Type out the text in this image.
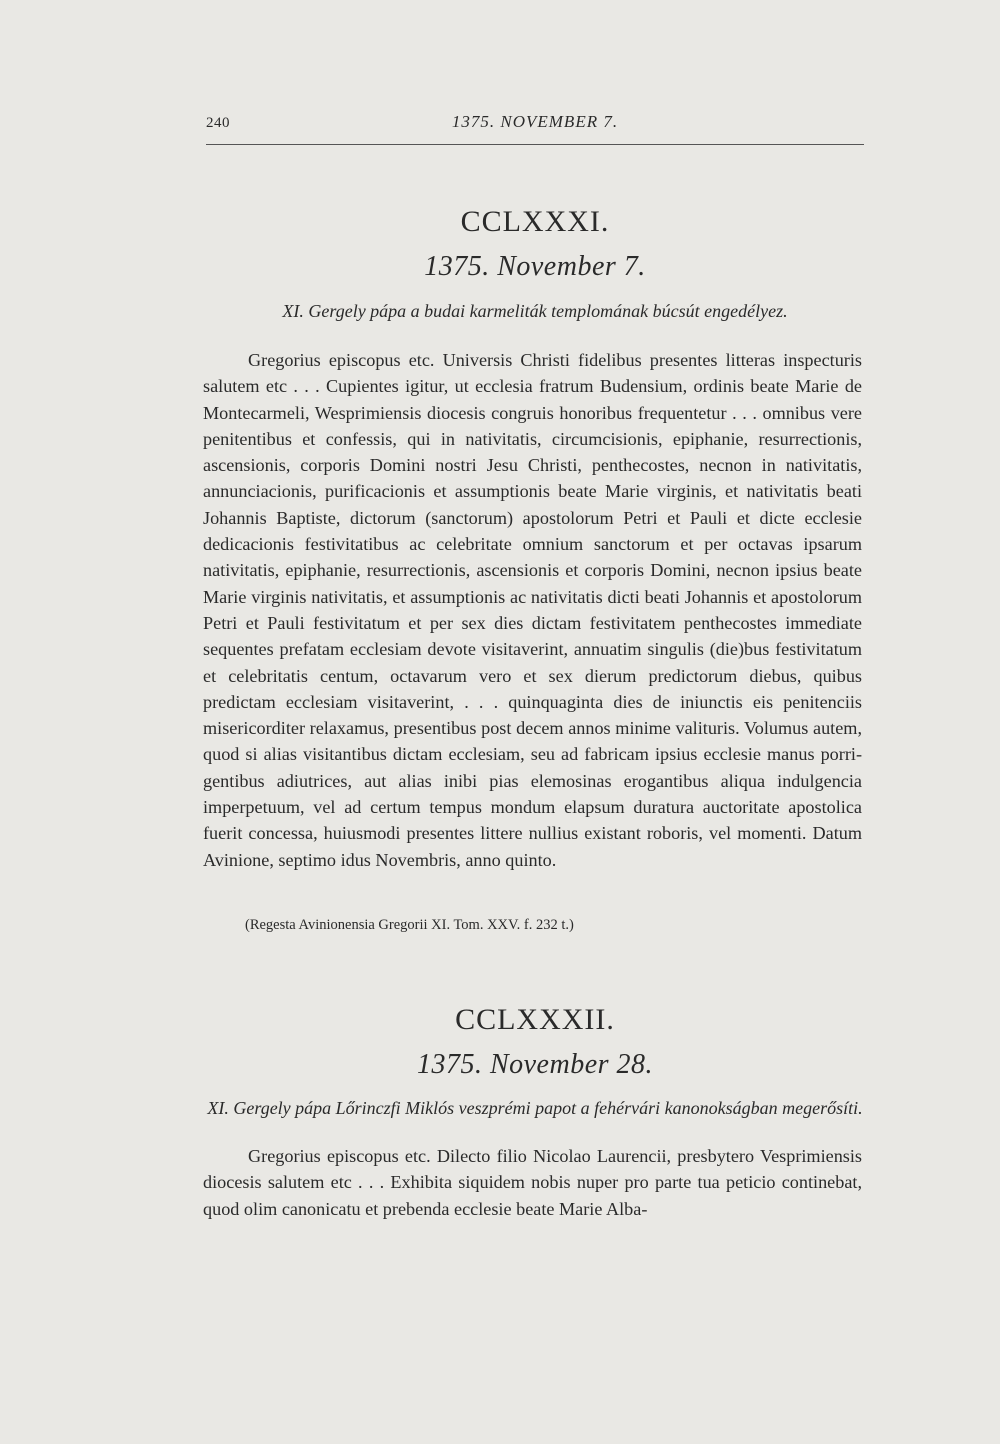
240	1375. NOVEMBER 7.
CCLXXXI.
1375. November 7.
XI. Gergely pápa a budai karmeliták templomának búcsút engedélyez.

Gregorius episcopus etc. Universis Christi fidelibus presentes litteras inspecturis salutem etc . . . Cupientes igitur, ut ecclesia fratrum Budensium, ordinis beate Marie de Montecarmeli, Wesprimiensis diocesis congruis honoribus frequentetur . . . omnibus vere penitentibus et confessis, qui in nativitatis, circumcisionis, epiphanie, resurrectionis, ascensionis, corporis Domini nostri Jesu Christi, penthecostes, necnon in nativitatis, annunciacionis, purificacionis et assumptionis beate Marie virginis, et nativitatis beati Johannis Baptiste, dictorum (sanctorum) apostolorum Petri et Pauli et dicte ecclesie dedicacionis festivitatibus ac celebritate omnium sanctorum et per octavas ipsarum nativitatis, epiphanie, resurrectionis, ascensionis et corporis Domini, necnon ipsius beate Marie virginis nativitatis, et assumptionis ac nativitatis dicti beati Johannis et apostolorum Petri et Pauli festivitatum et per sex dies dictam festivitatem penthecostes immediate sequentes prefatam ecclesiam devote visitaverint, annuatim singulis (die)bus festivitatum et celebritatis centum, octavarum vero et sex dierum predictorum diebus, quibus predictam ecclesiam visitaverint, . . . quinquaginta dies de iniunctis eis penitenciis misericorditer relaxamus, presentibus post decem annos minime valituris. Volumus autem, quod si alias visitantibus dictam ecclesiam, seu ad fabricam ipsius ecclesie manus porrigentibus adiutrices, aut alias inibi pias elemosinas erogantibus aliqua indulgencia imperpetuum, vel ad certum tempus mondum elapsum duratura auctoritate apostolica fuerit concessa, huiusmodi presentes littere nullius existant roboris, vel momenti. Datum Avinione, septimo idus Novembris, anno quinto.

(Regesta Avinionensia Gregorii XI. Tom. XXV. f. 232 t.)
CCLXXXII.
1375. November 28.
XI. Gergely pápa Lőrinczfi Miklós veszprémi papot a fehérvári kanonokságban megerősíti.

Gregorius episcopus etc. Dilecto filio Nicolao Laurencii, presbytero Vesprimiensis diocesis salutem etc . . . Exhibita siquidem nobis nuper pro parte tua peticio continebat, quod olim canonicatu et prebenda ecclesie beate Marie Alba-
